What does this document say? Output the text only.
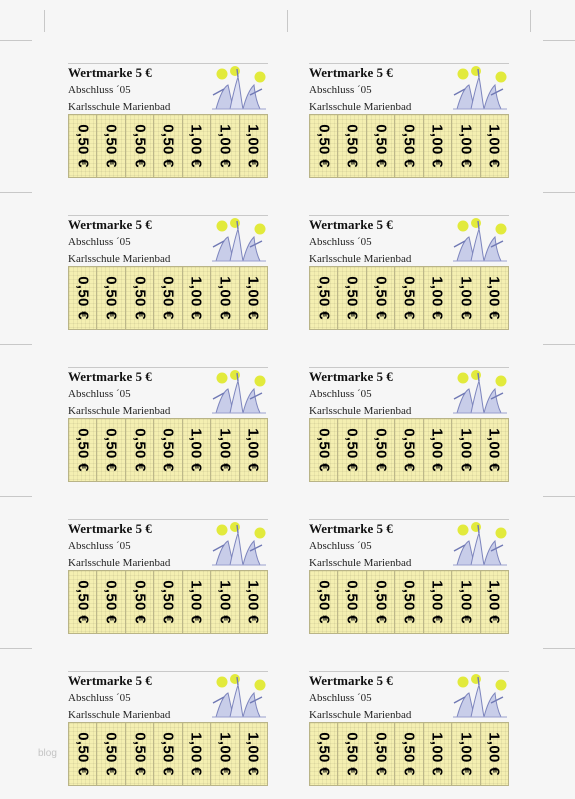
blog
Wertmarke 5 €
Abschluss ´05
Karlsschule Marienbad
0,50 € 0,50 € 0,50 € 0,50 € 1,00 € 1,00 € 1,00 €
Wertmarke 5 €
Abschluss ´05
Karlsschule Marienbad
0,50 € 0,50 € 0,50 € 0,50 € 1,00 € 1,00 € 1,00 €
Wertmarke 5 €
Abschluss ´05
Karlsschule Marienbad
0,50 € 0,50 € 0,50 € 0,50 € 1,00 € 1,00 € 1,00 €
Wertmarke 5 €
Abschluss ´05
Karlsschule Marienbad
0,50 € 0,50 € 0,50 € 0,50 € 1,00 € 1,00 € 1,00 €
Wertmarke 5 €
Abschluss ´05
Karlsschule Marienbad
0,50 € 0,50 € 0,50 € 0,50 € 1,00 € 1,00 € 1,00 €
Wertmarke 5 €
Abschluss ´05
Karlsschule Marienbad
0,50 € 0,50 € 0,50 € 0,50 € 1,00 € 1,00 € 1,00 €
Wertmarke 5 €
Abschluss ´05
Karlsschule Marienbad
0,50 € 0,50 € 0,50 € 0,50 € 1,00 € 1,00 € 1,00 €
Wertmarke 5 €
Abschluss ´05
Karlsschule Marienbad
0,50 € 0,50 € 0,50 € 0,50 € 1,00 € 1,00 € 1,00 €
Wertmarke 5 €
Abschluss ´05
Karlsschule Marienbad
0,50 € 0,50 € 0,50 € 0,50 € 1,00 € 1,00 € 1,00 €
Wertmarke 5 €
Abschluss ´05
Karlsschule Marienbad
0,50 € 0,50 € 0,50 € 0,50 € 1,00 € 1,00 € 1,00 €
